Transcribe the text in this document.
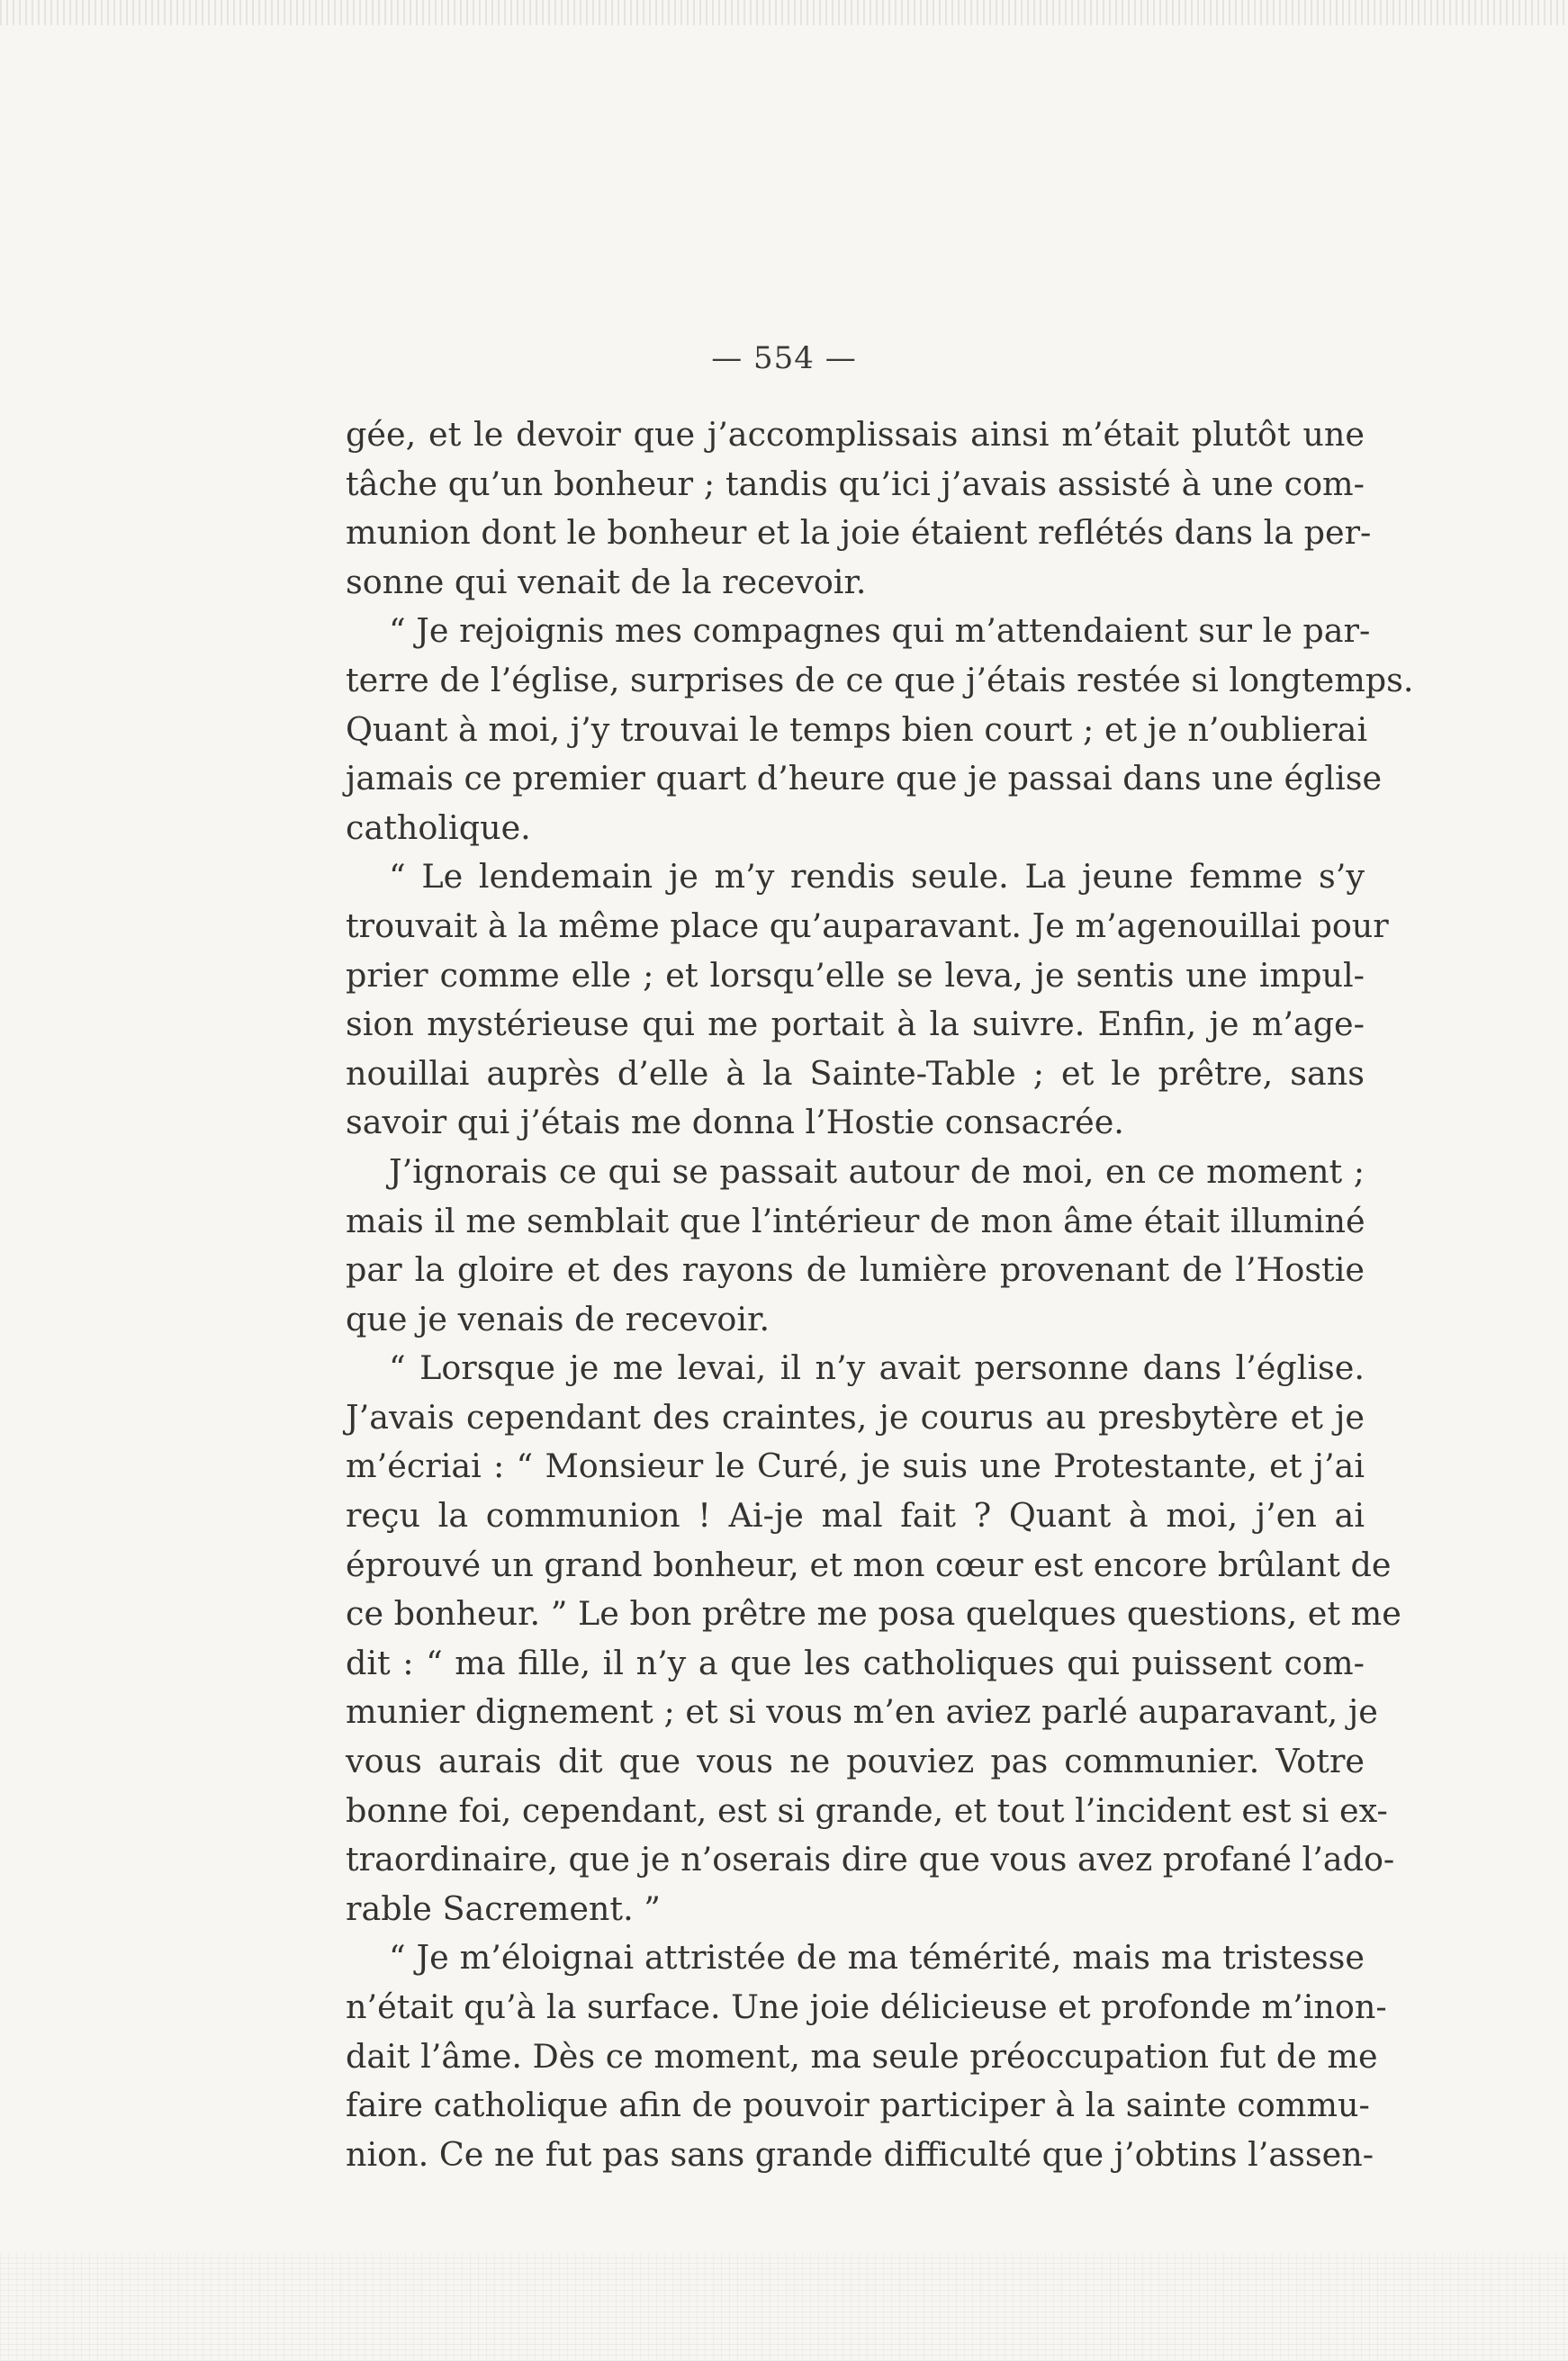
— 554 —
gée, et le devoir que j’accomplissais ainsi m’était plutôt une
tâche qu’un bonheur ; tandis qu’ici j’avais assisté à une com-
munion dont le bonheur et la joie étaient reflétés dans la per-
sonne qui venait de la recevoir.
“ Je rejoignis mes compagnes qui m’attendaient sur le par-
terre de l’église, surprises de ce que j’étais restée si longtemps.
Quant à moi, j’y trouvai le temps bien court ; et je n’oublierai
jamais ce premier quart d’heure que je passai dans une église
catholique.
“ Le lendemain je m’y rendis seule. La jeune femme s’y
trouvait à la même place qu’auparavant. Je m’agenouillai pour
prier comme elle ; et lorsqu’elle se leva, je sentis une impul-
sion mystérieuse qui me portait à la suivre. Enfin, je m’age-
nouillai auprès d’elle à la Sainte-Table ; et le prêtre, sans
savoir qui j’étais me donna l’Hostie consacrée.
J’ignorais ce qui se passait autour de moi, en ce moment ;
mais il me semblait que l’intérieur de mon âme était illuminé
par la gloire et des rayons de lumière provenant de l’Hostie
que je venais de recevoir.
“ Lorsque je me levai, il n’y avait personne dans l’église.
J’avais cependant des craintes, je courus au presbytère et je
m’écriai : “ Monsieur le Curé, je suis une Protestante, et j’ai
reçu la communion ! Ai-je mal fait ? Quant à moi, j’en ai
éprouvé un grand bonheur, et mon cœur est encore brûlant de
ce bonheur. ” Le bon prêtre me posa quelques questions, et me
dit : “ ma fille, il n’y a que les catholiques qui puissent com-
munier dignement ; et si vous m’en aviez parlé auparavant, je
vous aurais dit que vous ne pouviez pas communier. Votre
bonne foi, cependant, est si grande, et tout l’incident est si ex-
traordinaire, que je n’oserais dire que vous avez profané l’ado-
rable Sacrement. ”
“ Je m’éloignai attristée de ma témérité, mais ma tristesse
n’était qu’à la surface. Une joie délicieuse et profonde m’inon-
dait l’âme. Dès ce moment, ma seule préoccupation fut de me
faire catholique afin de pouvoir participer à la sainte commu-
nion. Ce ne fut pas sans grande difficulté que j’obtins l’assen-
